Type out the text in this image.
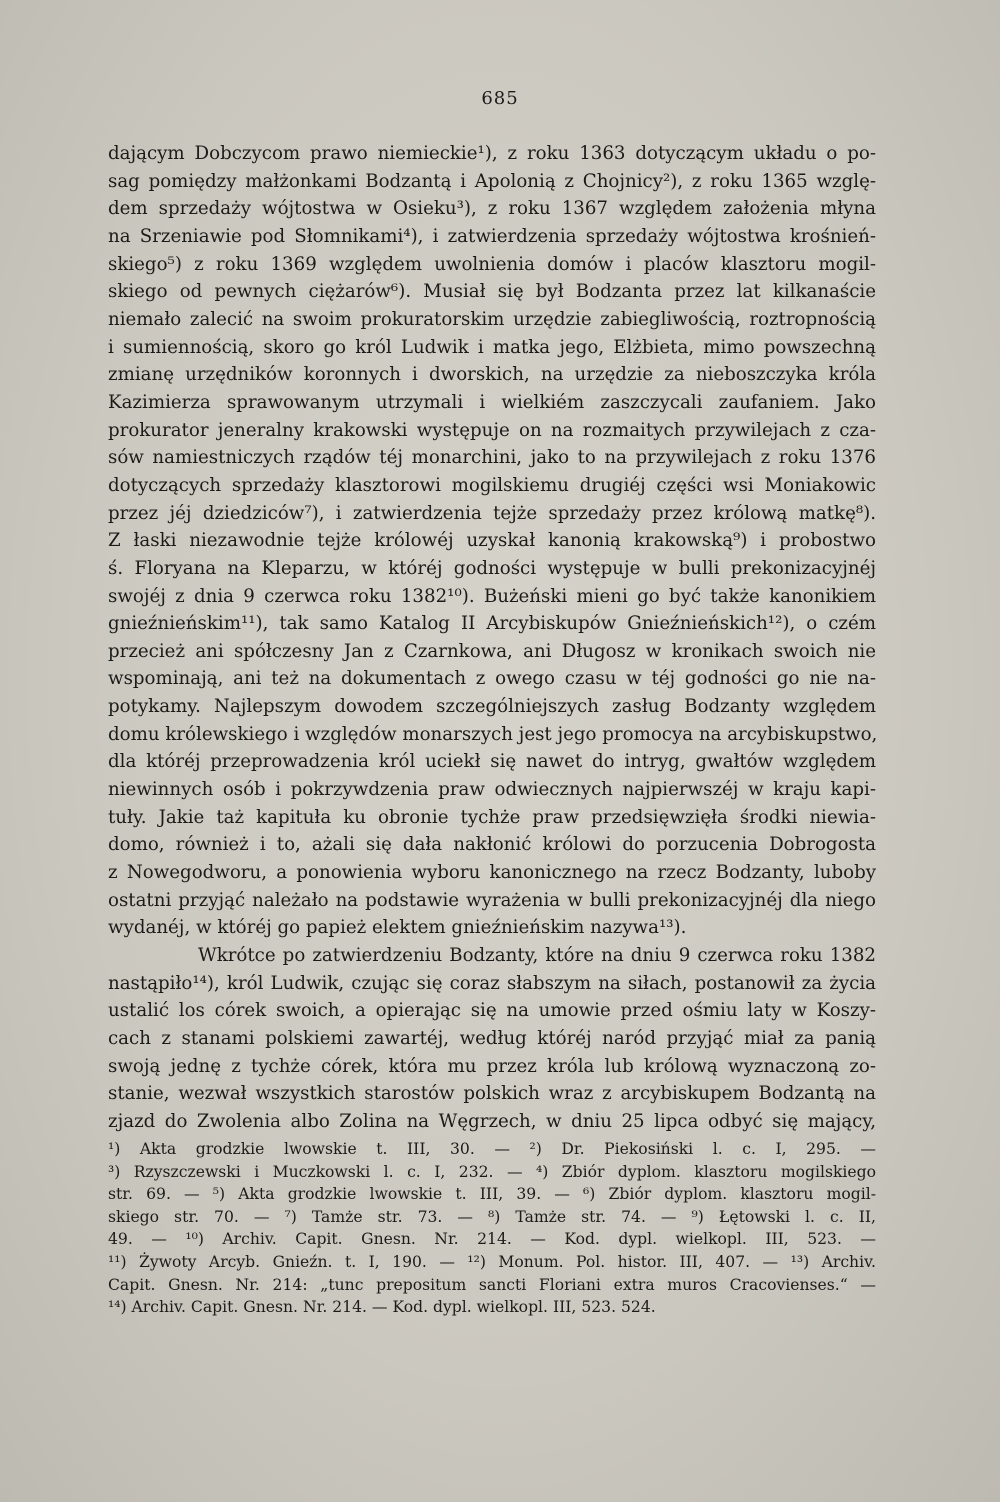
685
dającym Dobczycom prawo niemieckie¹), z roku 1363 dotyczącym układu o po-
sag pomiędzy małżonkami Bodzantą i Apolonią z Chojnicy²), z roku 1365 wzglę-
dem sprzedaży wójtostwa w Osieku³), z roku 1367 względem założenia młyna
na Srzeniawie pod Słomnikami⁴), i zatwierdzenia sprzedaży wójtostwa krośnień-
skiego⁵) z roku 1369 względem uwolnienia domów i placów klasztoru mogil-
skiego od pewnych ciężarów⁶). Musiał się był Bodzanta przez lat kilkanaście
niemało zalecić na swoim prokuratorskim urzędzie zabiegliwością, roztropnością
i sumiennością, skoro go król Ludwik i matka jego, Elżbieta, mimo powszechną
zmianę urzędników koronnych i dworskich, na urzędzie za nieboszczyka króla
Kazimierza sprawowanym utrzymali i wielkiém zaszczycali zaufaniem. Jako
prokurator jeneralny krakowski występuje on na rozmaitych przywilejach z cza-
sów namiestniczych rządów téj monarchini, jako to na przywilejach z roku 1376
dotyczących sprzedaży klasztorowi mogilskiemu drugiéj części wsi Moniakowic
przez jéj dziedziców⁷), i zatwierdzenia tejże sprzedaży przez królową matkę⁸).
Z łaski niezawodnie tejże królowéj uzyskał kanonią krakowską⁹) i probostwo
ś. Floryana na Kleparzu, w któréj godności występuje w bulli prekonizacyjnéj
swojéj z dnia 9 czerwca roku 1382¹⁰). Bużeński mieni go być także kanonikiem
gnieźnieńskim¹¹), tak samo Katalog II Arcybiskupów Gnieźnieńskich¹²), o czém
przecież ani spółczesny Jan z Czarnkowa, ani Długosz w kronikach swoich nie
wspominają, ani też na dokumentach z owego czasu w téj godności go nie na-
potykamy. Najlepszym dowodem szczególniejszych zasług Bodzanty względem
domu królewskiego i względów monarszych jest jego promocya na arcybiskupstwo,
dla któréj przeprowadzenia król uciekł się nawet do intryg, gwałtów względem
niewinnych osób i pokrzywdzenia praw odwiecznych najpierwszéj w kraju kapi-
tuły. Jakie taż kapituła ku obronie tychże praw przedsięwzięła środki niewia-
domo, również i to, ażali się dała nakłonić królowi do porzucenia Dobrogosta
z Nowegodworu, a ponowienia wyboru kanonicznego na rzecz Bodzanty, luboby
ostatni przyjąć należało na podstawie wyrażenia w bulli prekonizacyjnéj dla niego
wydanéj, w któréj go papież elektem gnieźnieńskim nazywa¹³).
Wkrótce po zatwierdzeniu Bodzanty, które na dniu 9 czerwca roku 1382
nastąpiło¹⁴), król Ludwik, czując się coraz słabszym na siłach, postanowił za życia
ustalić los córek swoich, a opierając się na umowie przed ośmiu laty w Koszy-
cach z stanami polskiemi zawartéj, według któréj naród przyjąć miał za panią
swoją jednę z tychże córek, która mu przez króla lub królową wyznaczoną zo-
stanie, wezwał wszystkich starostów polskich wraz z arcybiskupem Bodzantą na
zjazd do Zwolenia albo Zolina na Węgrzech, w dniu 25 lipca odbyć się mający,
¹) Akta grodzkie lwowskie t. III, 30. — ²) Dr. Piekosiński l. c. I, 295. —
³) Rzyszczewski i Muczkowski l. c. I, 232. — ⁴) Zbiór dyplom. klasztoru mogilskiego
str. 69. — ⁵) Akta grodzkie lwowskie t. III, 39. — ⁶) Zbiór dyplom. klasztoru mogil-
skiego str. 70. — ⁷) Tamże str. 73. — ⁸) Tamże str. 74. — ⁹) Łętowski l. c. II,
49. — ¹⁰) Archiv. Capit. Gnesn. Nr. 214. — Kod. dypl. wielkopl. III, 523. —
¹¹) Żywoty Arcyb. Gnieźn. t. I, 190. — ¹²) Monum. Pol. histor. III, 407. — ¹³) Archiv.
Capit. Gnesn. Nr. 214: „tunc prepositum sancti Floriani extra muros Cracovienses.“ —
¹⁴) Archiv. Capit. Gnesn. Nr. 214. — Kod. dypl. wielkopl. III, 523. 524.
